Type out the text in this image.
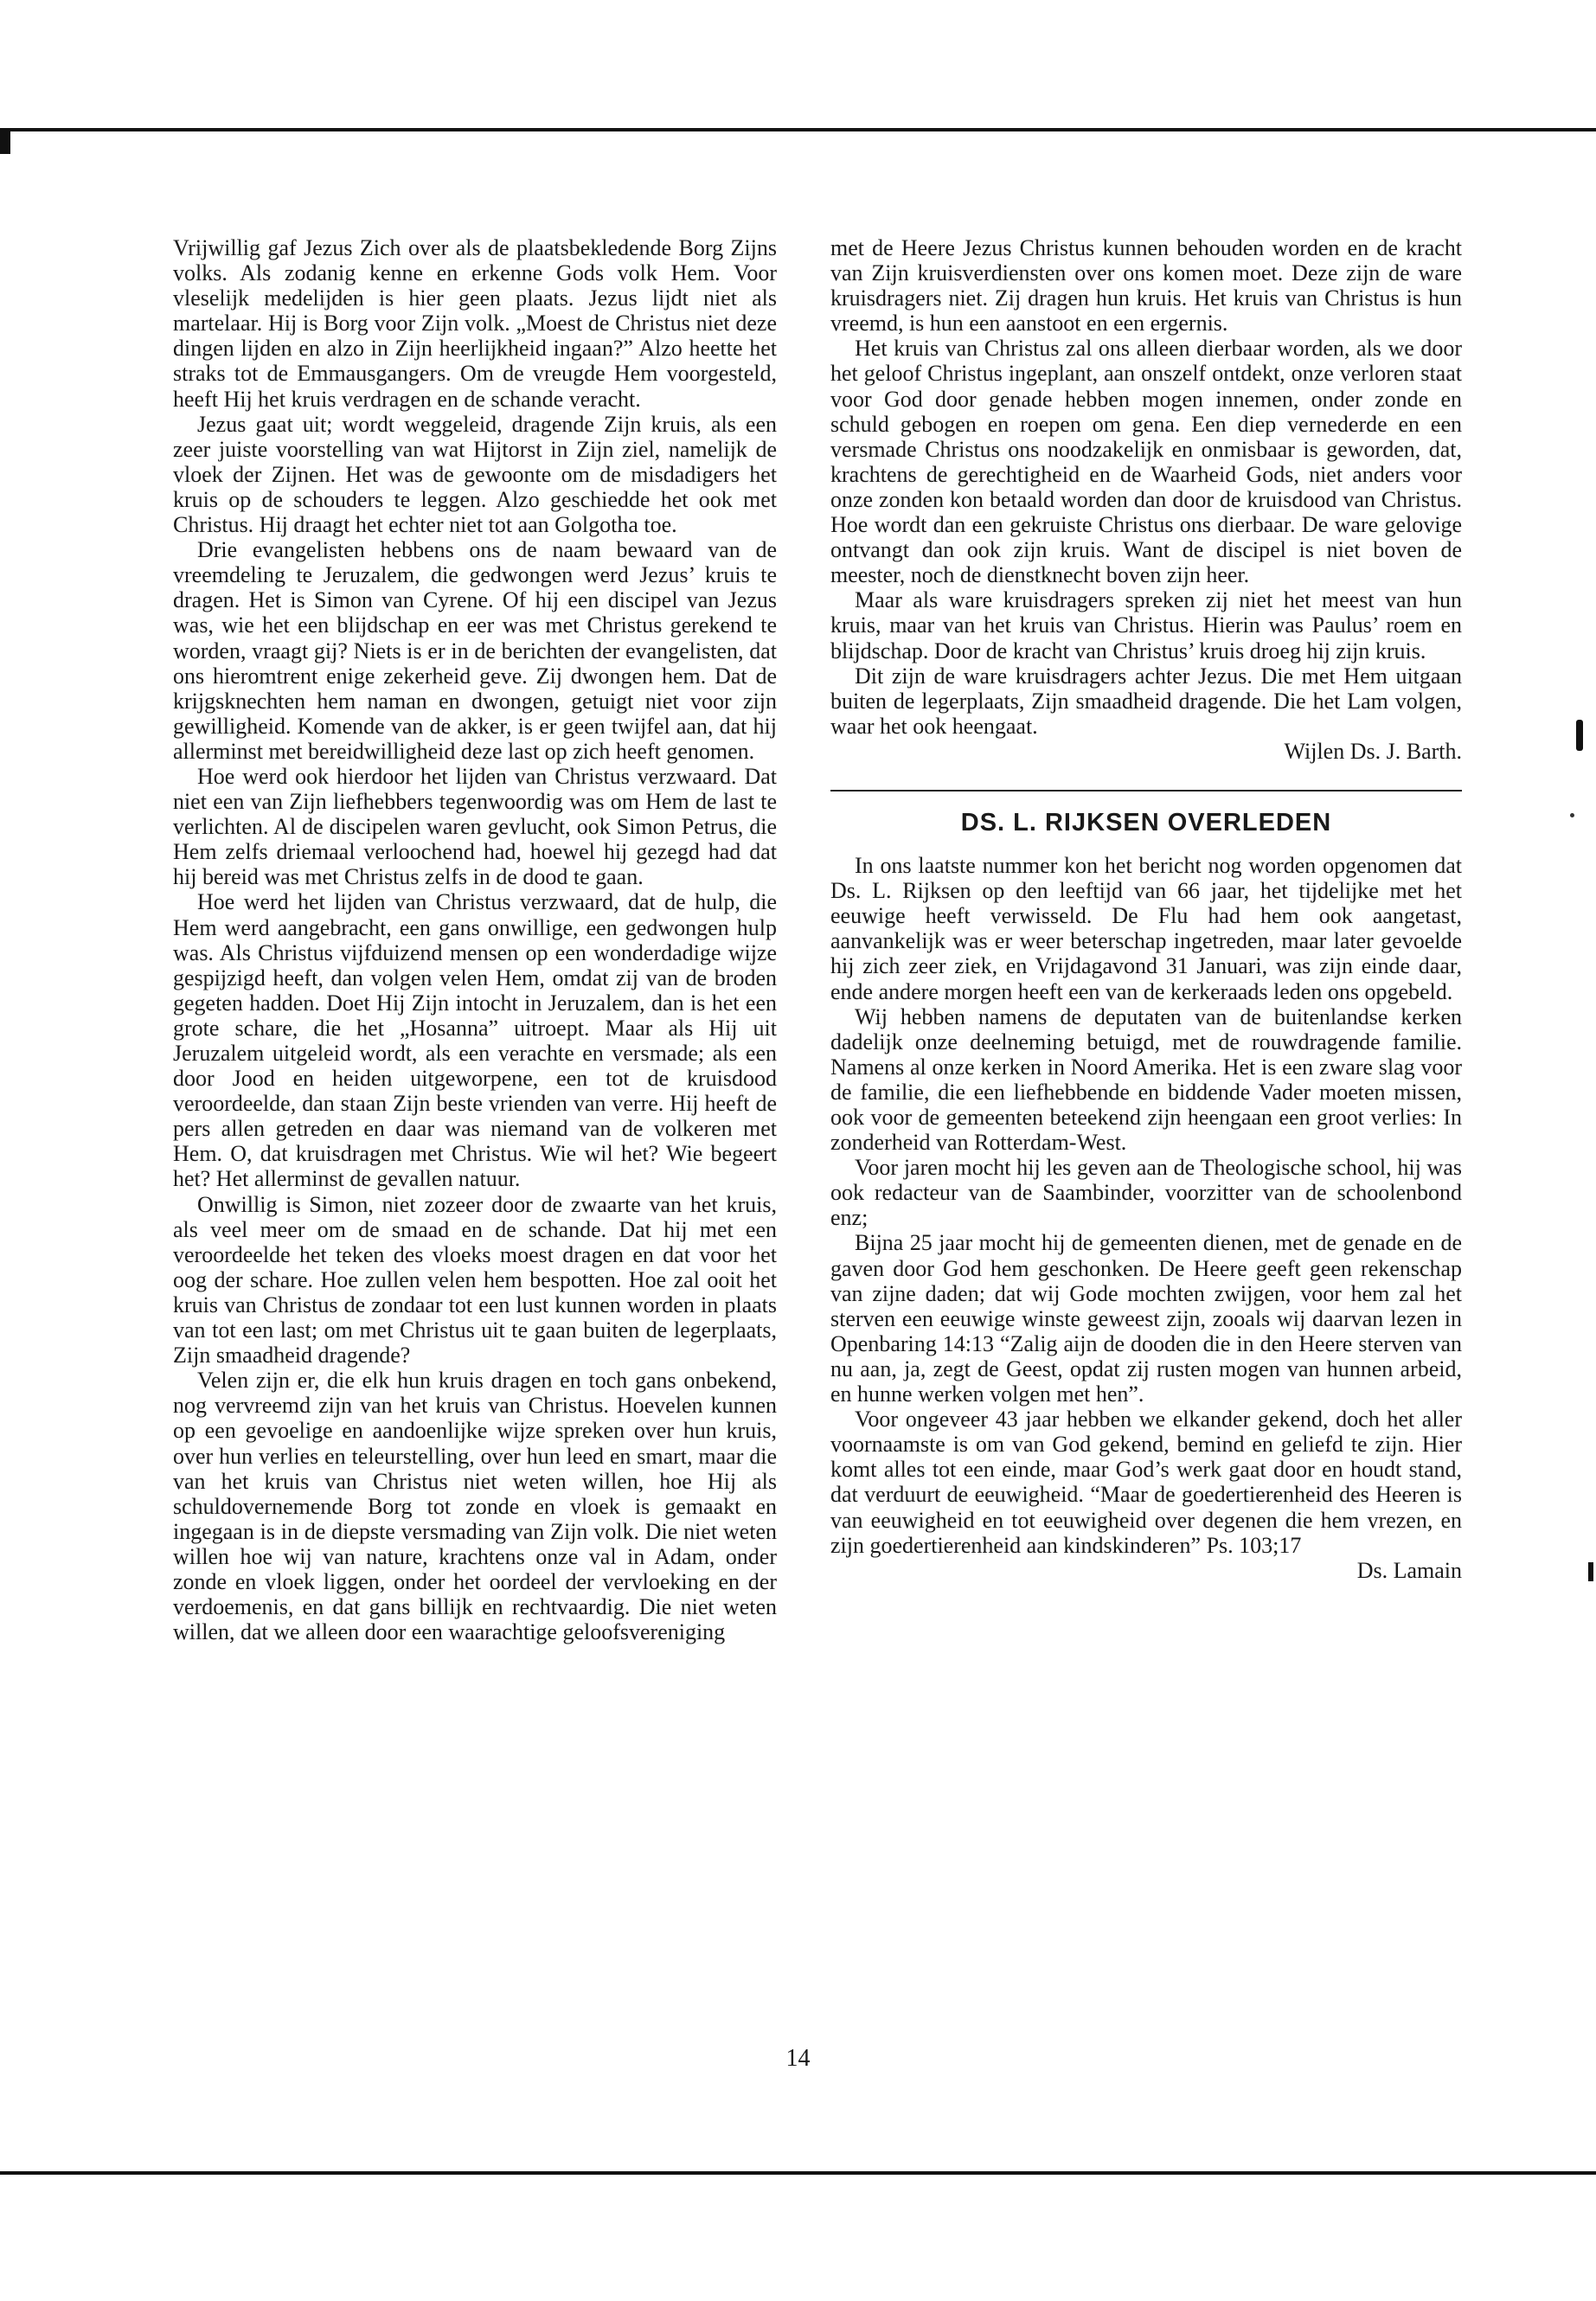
Vrijwillig gaf Jezus Zich over als de plaatsbekledende Borg Zijns volks. Als zodanig kenne en erkenne Gods volk Hem. Voor vleselijk medelijden is hier geen plaats. Jezus lijdt niet als martelaar. Hij is Borg voor Zijn volk. „Moest de Christus niet deze dingen lijden en alzo in Zijn heerlijkheid ingaan?” Alzo heette het straks tot de Emmausgangers. Om de vreugde Hem voorgesteld, heeft Hij het kruis verdragen en de schande veracht.

Jezus gaat uit; wordt weggeleid, dragende Zijn kruis, als een zeer juiste voorstelling van wat Hijtorst in Zijn ziel, namelijk de vloek der Zijnen. Het was de gewoonte om de misdadigers het kruis op de schouders te leggen. Alzo geschiedde het ook met Christus. Hij draagt het echter niet tot aan Golgotha toe.

Drie evangelisten hebbens ons de naam bewaard van de vreemdeling te Jeruzalem, die gedwongen werd Jezus’ kruis te dragen. Het is Simon van Cyrene. Of hij een discipel van Jezus was, wie het een blijdschap en eer was met Christus gerekend te worden, vraagt gij? Niets is er in de berichten der evangelisten, dat ons hieromtrent enige zekerheid geve. Zij dwongen hem. Dat de krijgsknechten hem naman en dwongen, getuigt niet voor zijn gewilligheid. Komende van de akker, is er geen twijfel aan, dat hij allerminst met bereidwilligheid deze last op zich heeft genomen.

Hoe werd ook hierdoor het lijden van Christus verzwaard. Dat niet een van Zijn liefhebbers tegenwoordig was om Hem de last te verlichten. Al de discipelen waren gevlucht, ook Simon Petrus, die Hem zelfs driemaal verloochend had, hoewel hij gezegd had dat hij bereid was met Christus zelfs in de dood te gaan.

Hoe werd het lijden van Christus verzwaard, dat de hulp, die Hem werd aangebracht, een gans onwillige, een gedwongen hulp was. Als Christus vijfduizend mensen op een wonderdadige wijze gespijzigd heeft, dan volgen velen Hem, omdat zij van de broden gegeten hadden. Doet Hij Zijn intocht in Jeruzalem, dan is het een grote schare, die het „Hosanna” uitroept. Maar als Hij uit Jeruzalem uitgeleid wordt, als een verachte en versmade; als een door Jood en heiden uitgeworpene, een tot de kruisdood veroordeelde, dan staan Zijn beste vrienden van verre. Hij heeft de pers allen getreden en daar was niemand van de volkeren met Hem. O, dat kruisdragen met Christus. Wie wil het? Wie begeert het? Het allerminst de gevallen natuur.

Onwillig is Simon, niet zozeer door de zwaarte van het kruis, als veel meer om de smaad en de schande. Dat hij met een veroordeelde het teken des vloeks moest dragen en dat voor het oog der schare. Hoe zullen velen hem bespotten. Hoe zal ooit het kruis van Christus de zondaar tot een lust kunnen worden in plaats van tot een last; om met Christus uit te gaan buiten de legerplaats, Zijn smaadheid dragende?

Velen zijn er, die elk hun kruis dragen en toch gans onbekend, nog vervreemd zijn van het kruis van Christus. Hoevelen kunnen op een gevoelige en aandoenlijke wijze spreken over hun kruis, over hun verlies en teleurstelling, over hun leed en smart, maar die van het kruis van Christus niet weten willen, hoe Hij als schuldovernemende Borg tot zonde en vloek is gemaakt en ingegaan is in de diepste versmading van Zijn volk. Die niet weten willen hoe wij van nature, krachtens onze val in Adam, onder zonde en vloek liggen, onder het oordeel der vervloeking en der verdoemenis, en dat gans billijk en rechtvaardig. Die niet weten willen, dat we alleen door een waarachtige geloofsvereniging

met de Heere Jezus Christus kunnen behouden worden en de kracht van Zijn kruisverdiensten over ons komen moet. Deze zijn de ware kruisdragers niet. Zij dragen hun kruis. Het kruis van Christus is hun vreemd, is hun een aanstoot en een ergernis.

Het kruis van Christus zal ons alleen dierbaar worden, als we door het geloof Christus ingeplant, aan onszelf ontdekt, onze verloren staat voor God door genade hebben mogen innemen, onder zonde en schuld gebogen en roepen om gena. Een diep vernederde en een versmade Christus ons noodzakelijk en onmisbaar is geworden, dat, krachtens de gerechtigheid en de Waarheid Gods, niet anders voor onze zonden kon betaald worden dan door de kruisdood van Christus. Hoe wordt dan een gekruiste Christus ons dierbaar. De ware gelovige ontvangt dan ook zijn kruis. Want de discipel is niet boven de meester, noch de dienstknecht boven zijn heer.

Maar als ware kruisdragers spreken zij niet het meest van hun kruis, maar van het kruis van Christus. Hierin was Paulus’ roem en blijdschap. Door de kracht van Christus’ kruis droeg hij zijn kruis.

Dit zijn de ware kruisdragers achter Jezus. Die met Hem uitgaan buiten de legerplaats, Zijn smaadheid dragende. Die het Lam volgen, waar het ook heengaat.

Wijlen Ds. J. Barth.

DS. L. RIJKSEN OVERLEDEN

In ons laatste nummer kon het bericht nog worden opgenomen dat Ds. L. Rijksen op den leeftijd van 66 jaar, het tijdelijke met het eeuwige heeft verwisseld. De Flu had hem ook aangetast, aanvankelijk was er weer beterschap ingetreden, maar later gevoelde hij zich zeer ziek, en Vrijdagavond 31 Januari, was zijn einde daar, ende andere morgen heeft een van de kerkeraads leden ons opgebeld.

Wij hebben namens de deputaten van de buitenlandse kerken dadelijk onze deelneming betuigd, met de rouwdragende familie. Namens al onze kerken in Noord Amerika. Het is een zware slag voor de familie, die een liefhebbende en biddende Vader moeten missen, ook voor de gemeenten beteekend zijn heengaan een groot verlies: In zonderheid van Rotterdam-West.

Voor jaren mocht hij les geven aan de Theologische school, hij was ook redacteur van de Saambinder, voorzitter van de schoolenbond enz;

Bijna 25 jaar mocht hij de gemeenten dienen, met de genade en de gaven door God hem geschonken. De Heere geeft geen rekenschap van zijne daden; dat wij Gode mochten zwijgen, voor hem zal het sterven een eeuwige winste geweest zijn, zooals wij daarvan lezen in Openbaring 14:13 “Zalig aijn de dooden die in den Heere sterven van nu aan, ja, zegt de Geest, opdat zij rusten mogen van hunnen arbeid, en hunne werken volgen met hen”.

Voor ongeveer 43 jaar hebben we elkander gekend, doch het aller voornaamste is om van God gekend, bemind en geliefd te zijn. Hier komt alles tot een einde, maar God’s werk gaat door en houdt stand, dat verduurt de eeuwigheid. “Maar de goedertierenheid des Heeren is van eeuwigheid en tot eeuwigheid over degenen die hem vrezen, en zijn goedertierenheid aan kindskinderen” Ps. 103;17

Ds. Lamain

14
